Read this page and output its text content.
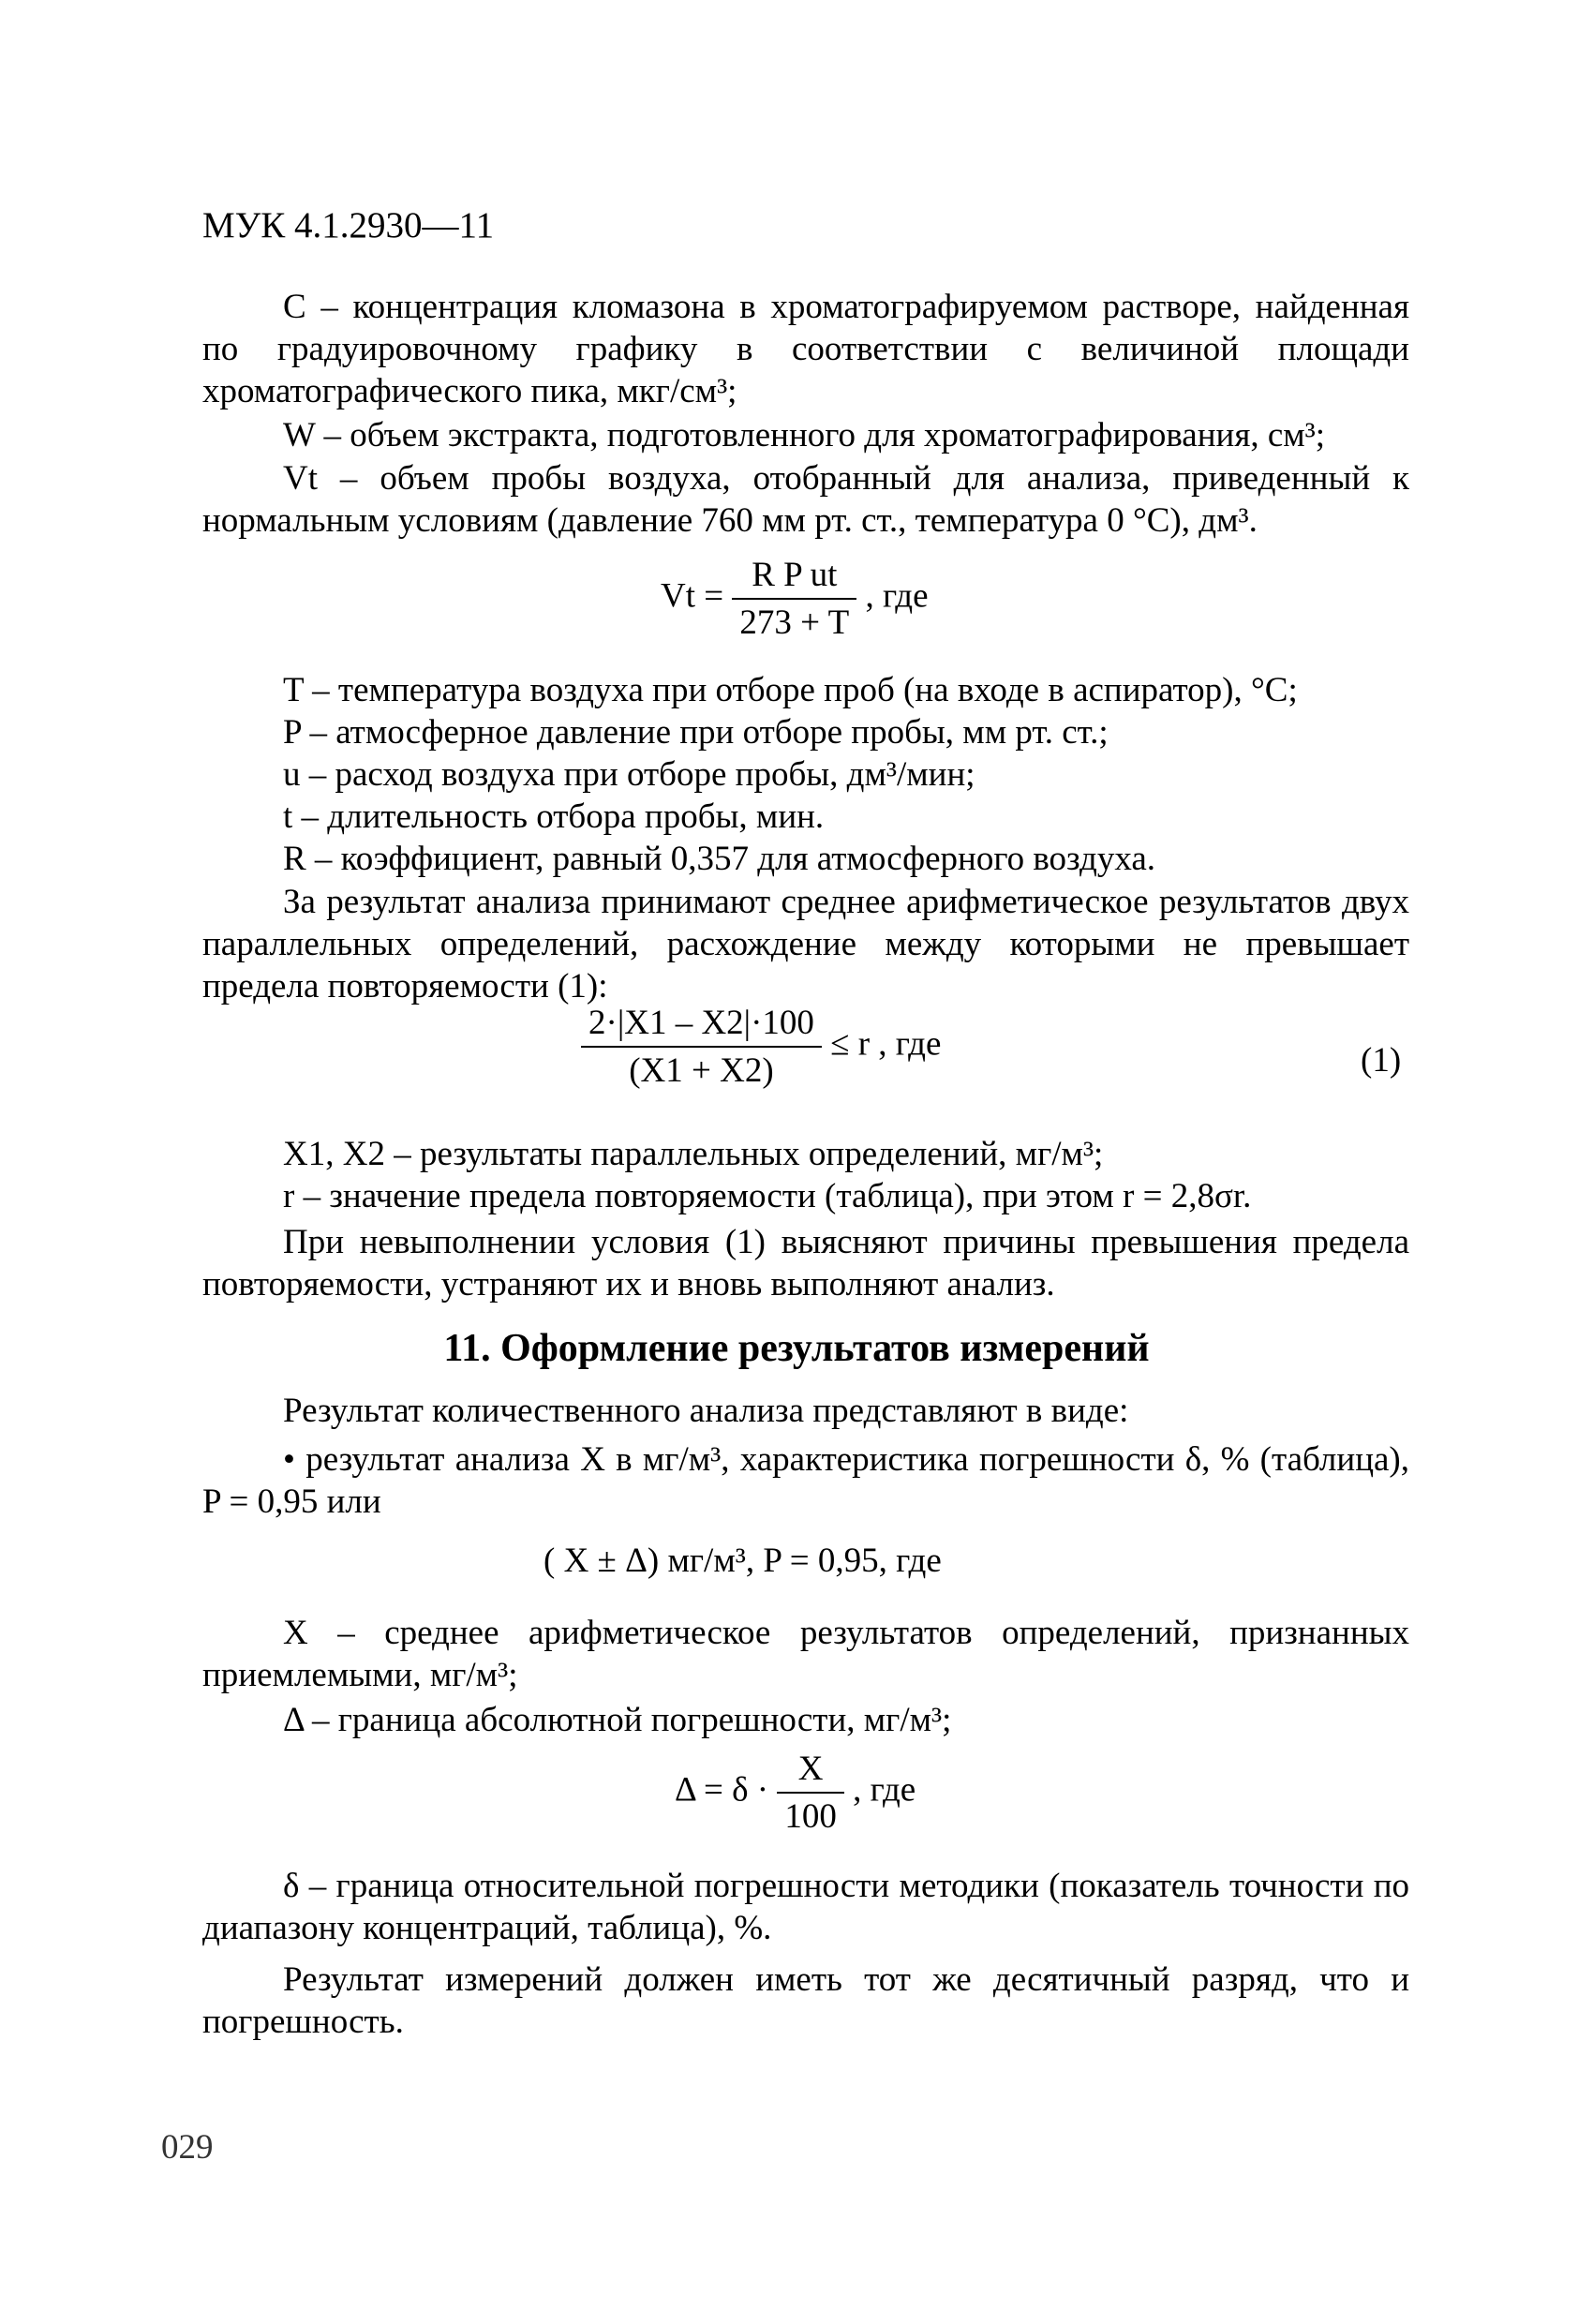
МУК 4.1.2930—11
C – концентрация кломазона в хроматографируемом растворе, найденная по градуировочному графику в соответствии с величиной площади хроматографического пика, мкг/см³;
W – объем экстракта, подготовленного для хроматографирования, см³;
Vt – объем пробы воздуха, отобранный для анализа, приведенный к нормальным условиям (давление 760 мм рт. ст., температура 0 °С), дм³.
$Vt = \frac{\text{R P ut}}{273 + T}$ , где
T – температура воздуха при отборе проб (на входе в аспиратор), °С;
P – атмосферное давление при отборе пробы, мм рт. ст.;
u – расход воздуха при отборе пробы, дм³/мин;
t – длительность отбора пробы, мин.
R – коэффициент, равный 0,357 для атмосферного воздуха.
За результат анализа принимают среднее арифметическое результатов двух параллельных определений, расхождение между которыми не превышает предела повторяемости (1):
$\frac{2\cdot|X1 - X2|\cdot 100}{(X1 + X2)} \le r$ , где	(1)
X1, X2 – результаты параллельных определений, мг/м³;
r – значение предела повторяемости (таблица), при этом r = 2,8σr.
При невыполнении условия (1) выясняют причины превышения предела повторяемости, устраняют их и вновь выполняют анализ.
11. Оформление результатов измерений
Результат количественного анализа представляют в виде:
• результат анализа X в мг/м³, характеристика погрешности δ, % (таблица), P = 0,95 или
( X ± Δ) мг/м³, P = 0,95, где
X – среднее арифметическое результатов определений, признанных приемлемыми, мг/м³;
Δ – граница абсолютной погрешности, мг/м³;
$\Delta = \delta \cdot \frac{X}{100}$ , где
δ – граница относительной погрешности методики (показатель точности по диапазону концентраций, таблица), %.
Результат измерений должен иметь тот же десятичный разряд, что и погрешность.
029
